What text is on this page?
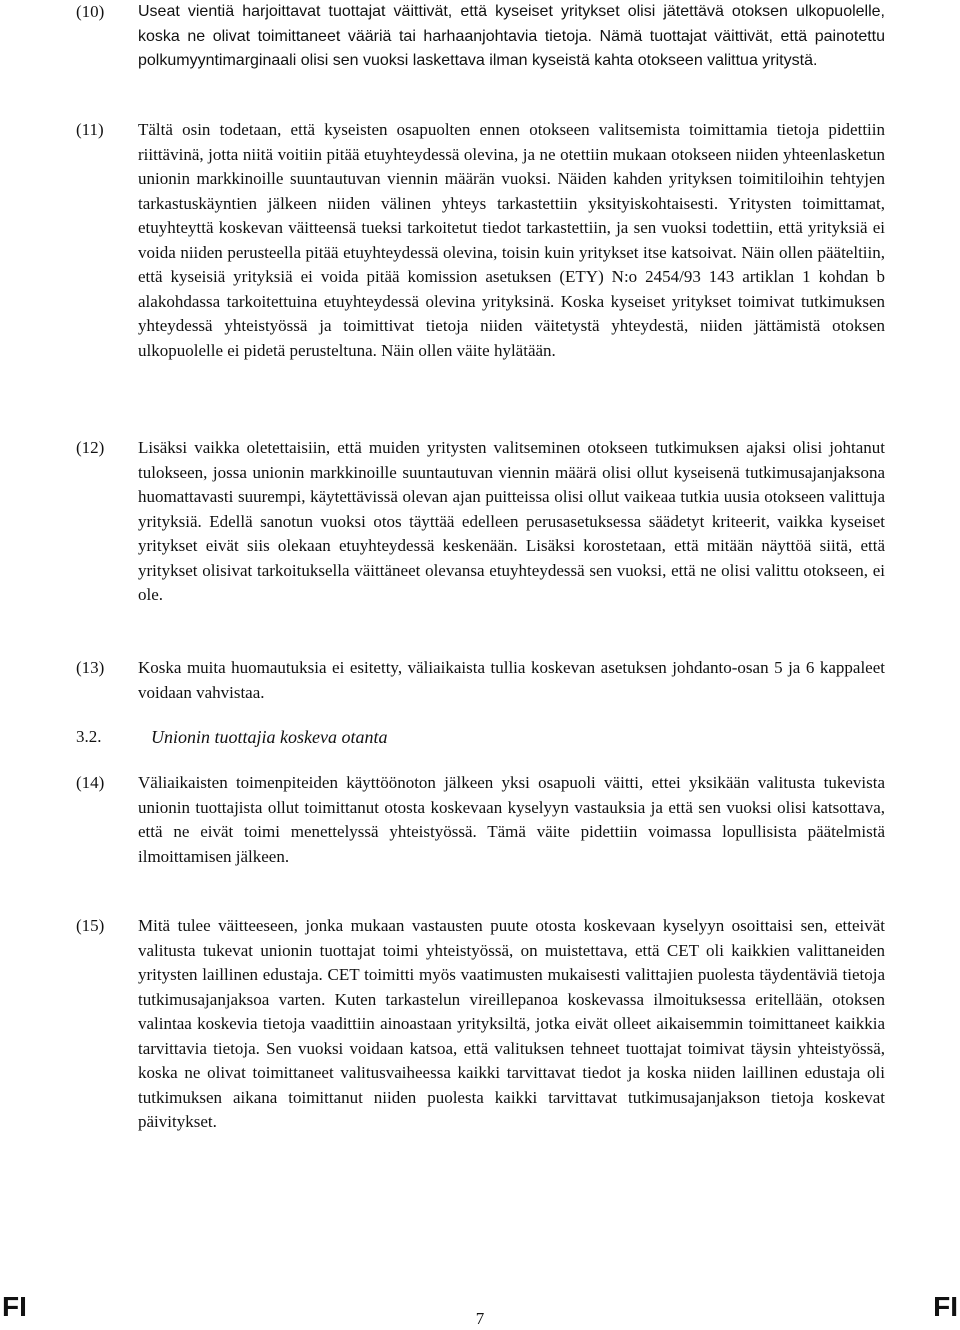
(10) Useat vientiä harjoittavat tuottajat väittivät, että kyseiset yritykset olisi jätettävä otoksen ulkopuolelle, koska ne olivat toimittaneet vääriä tai harhaanjohtavia tietoja. Nämä tuottajat väittivät, että painotettu polkumyyntimarginaali olisi sen vuoksi laskettava ilman kyseistä kahta otokseen valittua yritystä.

(11) Tältä osin todetaan, että kyseisten osapuolten ennen otokseen valitsemista toimittamia tietoja pidettiin riittävinä, jotta niitä voitiin pitää etuyhteydessä olevina, ja ne otettiin mukaan otokseen niiden yhteenlasketun unionin markkinoille suuntautuvan viennin määrän vuoksi. Näiden kahden yrityksen toimitiloihin tehtyjen tarkastuskäyntien jälkeen niiden välinen yhteys tarkastettiin yksityiskohtaisesti. Yritysten toimittamat, etuyhteyttä koskevan väitteensä tueksi tarkoitetut tiedot tarkastettiin, ja sen vuoksi todettiin, että yrityksiä ei voida niiden perusteella pitää etuyhteydessä olevina, toisin kuin yritykset itse katsoivat. Näin ollen pääteltiin, että kyseisiä yrityksiä ei voida pitää komission asetuksen (ETY) N:o 2454/93 143 artiklan 1 kohdan b alakohdassa tarkoitettuina etuyhteydessä olevina yrityksinä. Koska kyseiset yritykset toimivat tutkimuksen yhteydessä yhteistyössä ja toimittivat tietoja niiden väitetystä yhteydestä, niiden jättämistä otoksen ulkopuolelle ei pidetä perusteltuna. Näin ollen väite hylätään.

(12) Lisäksi vaikka oletettaisiin, että muiden yritysten valitseminen otokseen tutkimuksen ajaksi olisi johtanut tulokseen, jossa unionin markkinoille suuntautuvan viennin määrä olisi ollut kyseisenä tutkimusajanjaksona huomattavasti suurempi, käytettävissä olevan ajan puitteissa olisi ollut vaikeaa tutkia uusia otokseen valittuja yrityksiä. Edellä sanotun vuoksi otos täyttää edelleen perusasetuksessa säädetyt kriteerit, vaikka kyseiset yritykset eivät siis olekaan etuyhteydessä keskenään. Lisäksi korostetaan, että mitään näyttöä siitä, että yritykset olisivat tarkoituksella väittäneet olevansa etuyhteydessä sen vuoksi, että ne olisi valittu otokseen, ei ole.

(13) Koska muita huomautuksia ei esitetty, väliaikaista tullia koskevan asetuksen johdanto-osan 5 ja 6 kappaleet voidaan vahvistaa.

3.2.	Unionin tuottajia koskeva otanta
(14) Väliaikaisten toimenpiteiden käyttöönoton jälkeen yksi osapuoli väitti, ettei yksikään valitusta tukevista unionin tuottajista ollut toimittanut otosta koskevaan kyselyyn vastauksia ja että sen vuoksi olisi katsottava, että ne eivät toimi menettelyssä yhteistyössä. Tämä väite pidettiin voimassa lopullisista päätelmistä ilmoittamisen jälkeen.

(15) Mitä tulee väitteeseen, jonka mukaan vastausten puute otosta koskevaan kyselyyn osoittaisi sen, etteivät valitusta tukevat unionin tuottajat toimi yhteistyössä, on muistettava, että CET oli kaikkien valittaneiden yritysten laillinen edustaja. CET toimitti myös vaatimusten mukaisesti valittajien puolesta täydentäviä tietoja tutkimusajanjaksoa varten. Kuten tarkastelun vireillepanoa koskevassa ilmoituksessa eritellään, otoksen valintaa koskevia tietoja vaadittiin ainoastaan yrityksiltä, jotka eivät olleet aikaisemmin toimittaneet kaikkia tarvittavia tietoja. Sen vuoksi voidaan katsoa, että valituksen tehneet tuottajat toimivat täysin yhteistyössä, koska ne olivat toimittaneet valitusvaiheessa kaikki tarvittavat tiedot ja koska niiden laillinen edustaja oli tutkimuksen aikana toimittanut niiden puolesta kaikki tarvittavat tutkimusajanjakson tietoja koskevat päivitykset.

FI	7	FI
